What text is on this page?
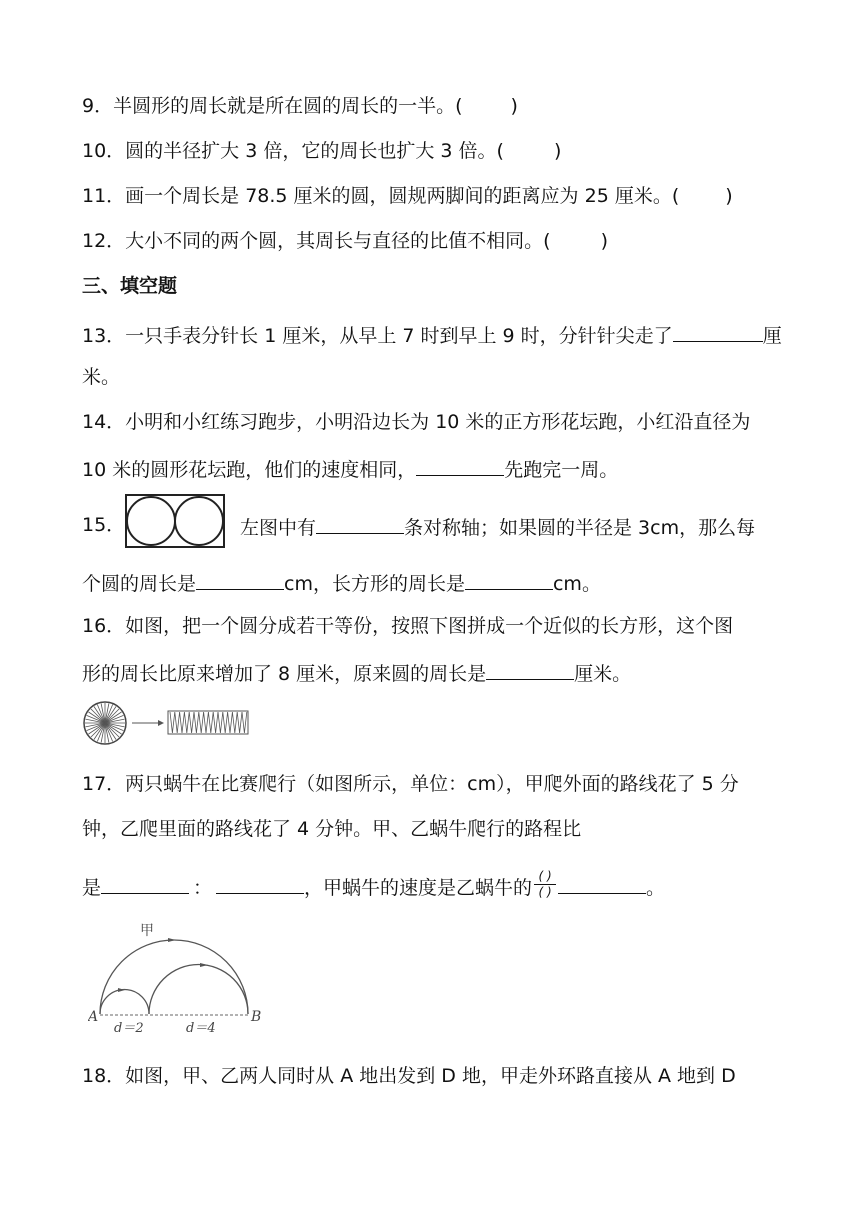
9．半圆形的周长就是所在圆的周长的一半。(	)
10．圆的半径扩大 3 倍，它的周长也扩大 3 倍。(	)
11．画一个周长是 78.5 厘米的圆，圆规两脚间的距离应为 25 厘米。( )
12．大小不同的两个圆，其周长与直径的比值不相同。(	)
三、填空题
13．一只手表分针长 1 厘米，从早上 7 时到早上 9 时，分针针尖走了	厘
米。
14．小明和小红练习跑步，小明沿边长为 10 米的正方形花坛跑，小红沿直径为
10 米的圆形花坛跑，他们的速度相同，	先跑完一周。
15．	左图中有	条对称轴；如果圆的半径是 3cm，那么每
个圆的周长是	cm，长方形的周长是	cm。
16．如图，把一个圆分成若干等份，按照下图拼成一个近似的长方形，这个图
形的周长比原来增加了 8 厘米，原来圆的周长是	厘米。
17．两只蜗牛在比赛爬行（如图所示，单位：cm），甲爬外面的路线花了 5 分
钟，乙爬里面的路线花了 4 分钟。甲、乙蜗牛爬行的路程比
是	：	，甲蜗牛的速度是乙蜗牛的 $\frac{( )}{( )}$	。
甲
A	B
d＝2	d＝4
18．如图，甲、乙两人同时从 A 地出发到 D 地，甲走外环路直接从 A 地到 D
